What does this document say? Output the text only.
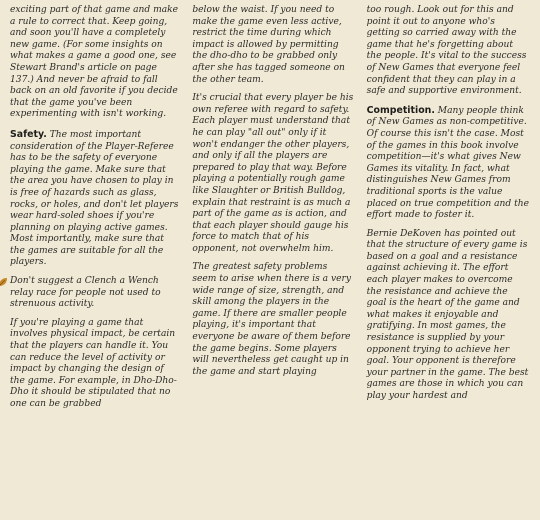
exciting part of that game and make a rule to correct that. Keep going, and soon you'll have a completely new game. (For some insights on what makes a game a good one, see Stewart Brand's article on page 137.) And never be afraid to fall back on an old favorite if you decide that the game you've been experimenting with isn't working.

Safety. The most important consideration of the Player-Referee has to be the safety of everyone playing the game. Make sure that the area you have chosen to play in is free of hazards such as glass, rocks, or holes, and don't let players wear hard-soled shoes if you're planning on playing active games. Most importantly, make sure that the games are suitable for all the players.

Don't suggest a Clench a Wench relay race for people not used to strenuous activity.

If you're playing a game that involves physical impact, be certain that the players can handle it. You can reduce the level of activity or impact by changing the design of the game. For example, in Dho-Dho-Dho it should be stipulated that no one can be grabbed

below the waist. If you need to make the game even less active, restrict the time during which impact is allowed by permitting the dho-dho to be grabbed only after she has tagged someone on the other team.

It's crucial that every player be his own referee with regard to safety. Each player must understand that he can play "all out" only if it won't endanger the other players, and only if all the players are prepared to play that way. Before playing a potentially rough game like Slaughter or British Bulldog, explain that restraint is as much a part of the game as is action, and that each player should gauge his force to match that of his opponent, not overwhelm him.

The greatest safety problems seem to arise when there is a very wide range of size, strength, and skill among the players in the game. If there are smaller people playing, it's important that everyone be aware of them before the game begins. Some players will nevertheless get caught up in the game and start playing

too rough. Look out for this and point it out to anyone who's getting so carried away with the game that he's forgetting about the people. It's vital to the success of New Games that everyone feel confident that they can play in a safe and supportive environment.

Competition. Many people think of New Games as non-competitive. Of course this isn't the case. Most of the games in this book involve competition—it's what gives New Games its vitality. In fact, what distinguishes New Games from traditional sports is the value placed on true competition and the effort made to foster it.

Bernie DeKoven has pointed out that the structure of every game is based on a goal and a resistance against achieving it. The effort each player makes to overcome the resistance and achieve the goal is the heart of the game and what makes it enjoyable and gratifying. In most games, the resistance is supplied by your opponent trying to achieve her goal. Your opponent is therefore your partner in the game. The best games are those in which you can play your hardest and
